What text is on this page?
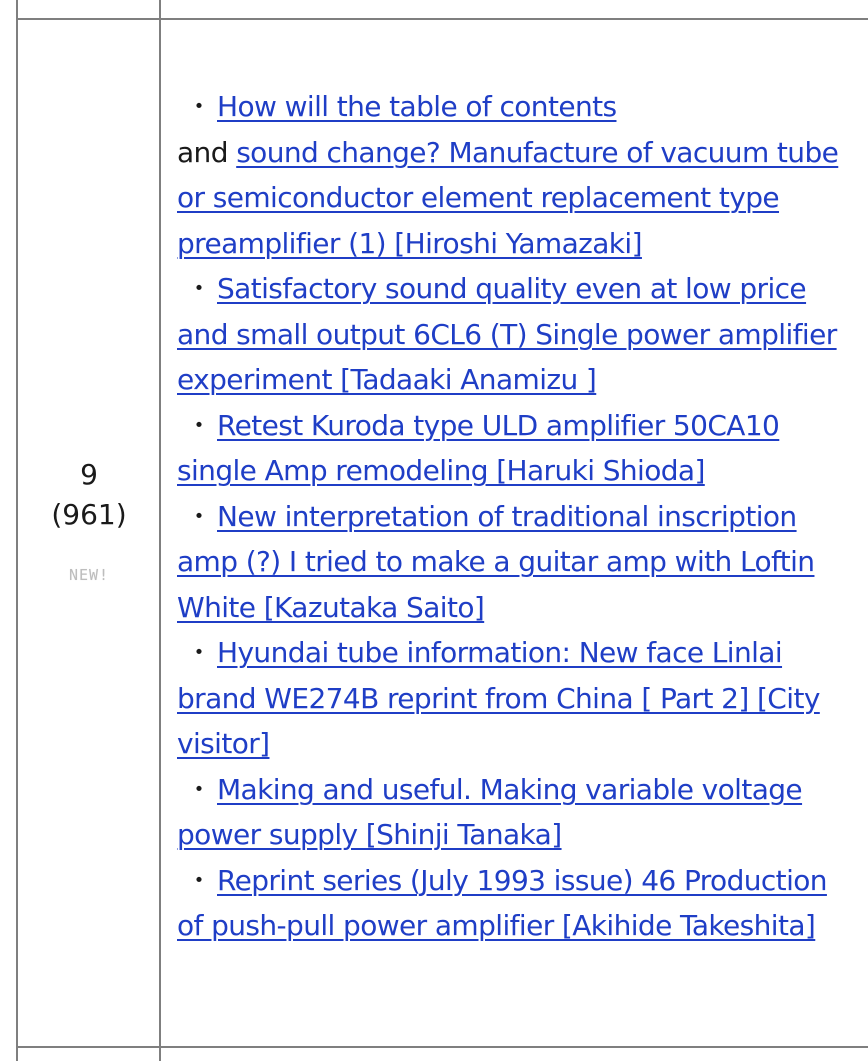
9
(961)
NEW!
・ How will the table of contents
and sound change? Manufacture of vacuum tube or semiconductor element replacement type preamplifier (1) [Hiroshi Yamazaki]
・ Satisfactory sound quality even at low price and small output 6CL6 (T) Single power amplifier experiment [Tadaaki Anamizu ]
・ Retest Kuroda type ULD amplifier 50CA10 single Amp remodeling [Haruki Shioda]
・ New interpretation of traditional inscription amp (?) I tried to make a guitar amp with Loftin White [Kazutaka Saito]
・ Hyundai tube information: New face Linlai brand WE274B reprint from China [ Part 2] [City visitor]
・ Making and useful. Making variable voltage power supply [Shinji Tanaka]
・ Reprint series (July 1993 issue) 46 Production of push-pull power amplifier [Akihide Takeshita]
